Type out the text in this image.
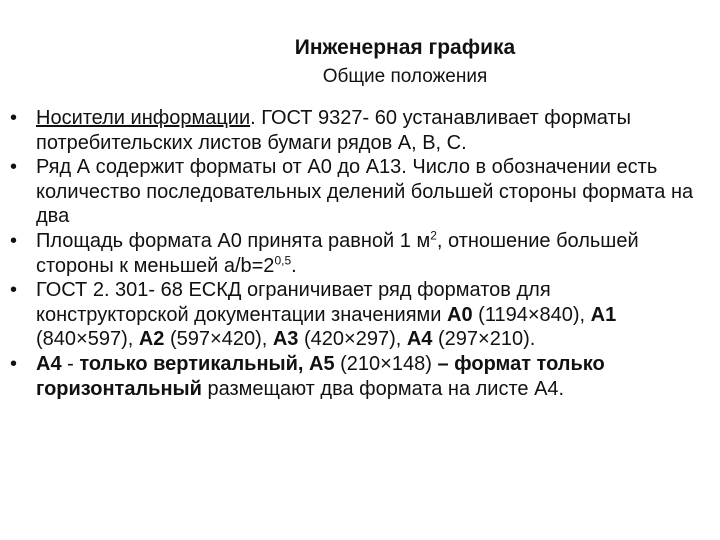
Инженерная графика
Общие положения
• Носители информации. ГОСТ 9327- 60 устанавливает форматы потребительских листов бумаги рядов А, В, С.
• Ряд А содержит форматы от А0 до А13. Число в обозначении есть количество последовательных делений большей стороны формата на два
• Площадь формата А0 принята равной 1 $м^2$, отношение большей стороны к меньшей $a/b=2^{0,5}$.
• ГОСТ 2. 301- 68 ЕСКД ограничивает ряд форматов для конструкторской документации значениями А0 (1194×840), А1 (840×597), А2 (597×420), А3 (420×297), А4 (297×210).
• А4 - только вертикальный, А5 (210×148) – формат только горизонтальный размещают два формата на листе А4.
